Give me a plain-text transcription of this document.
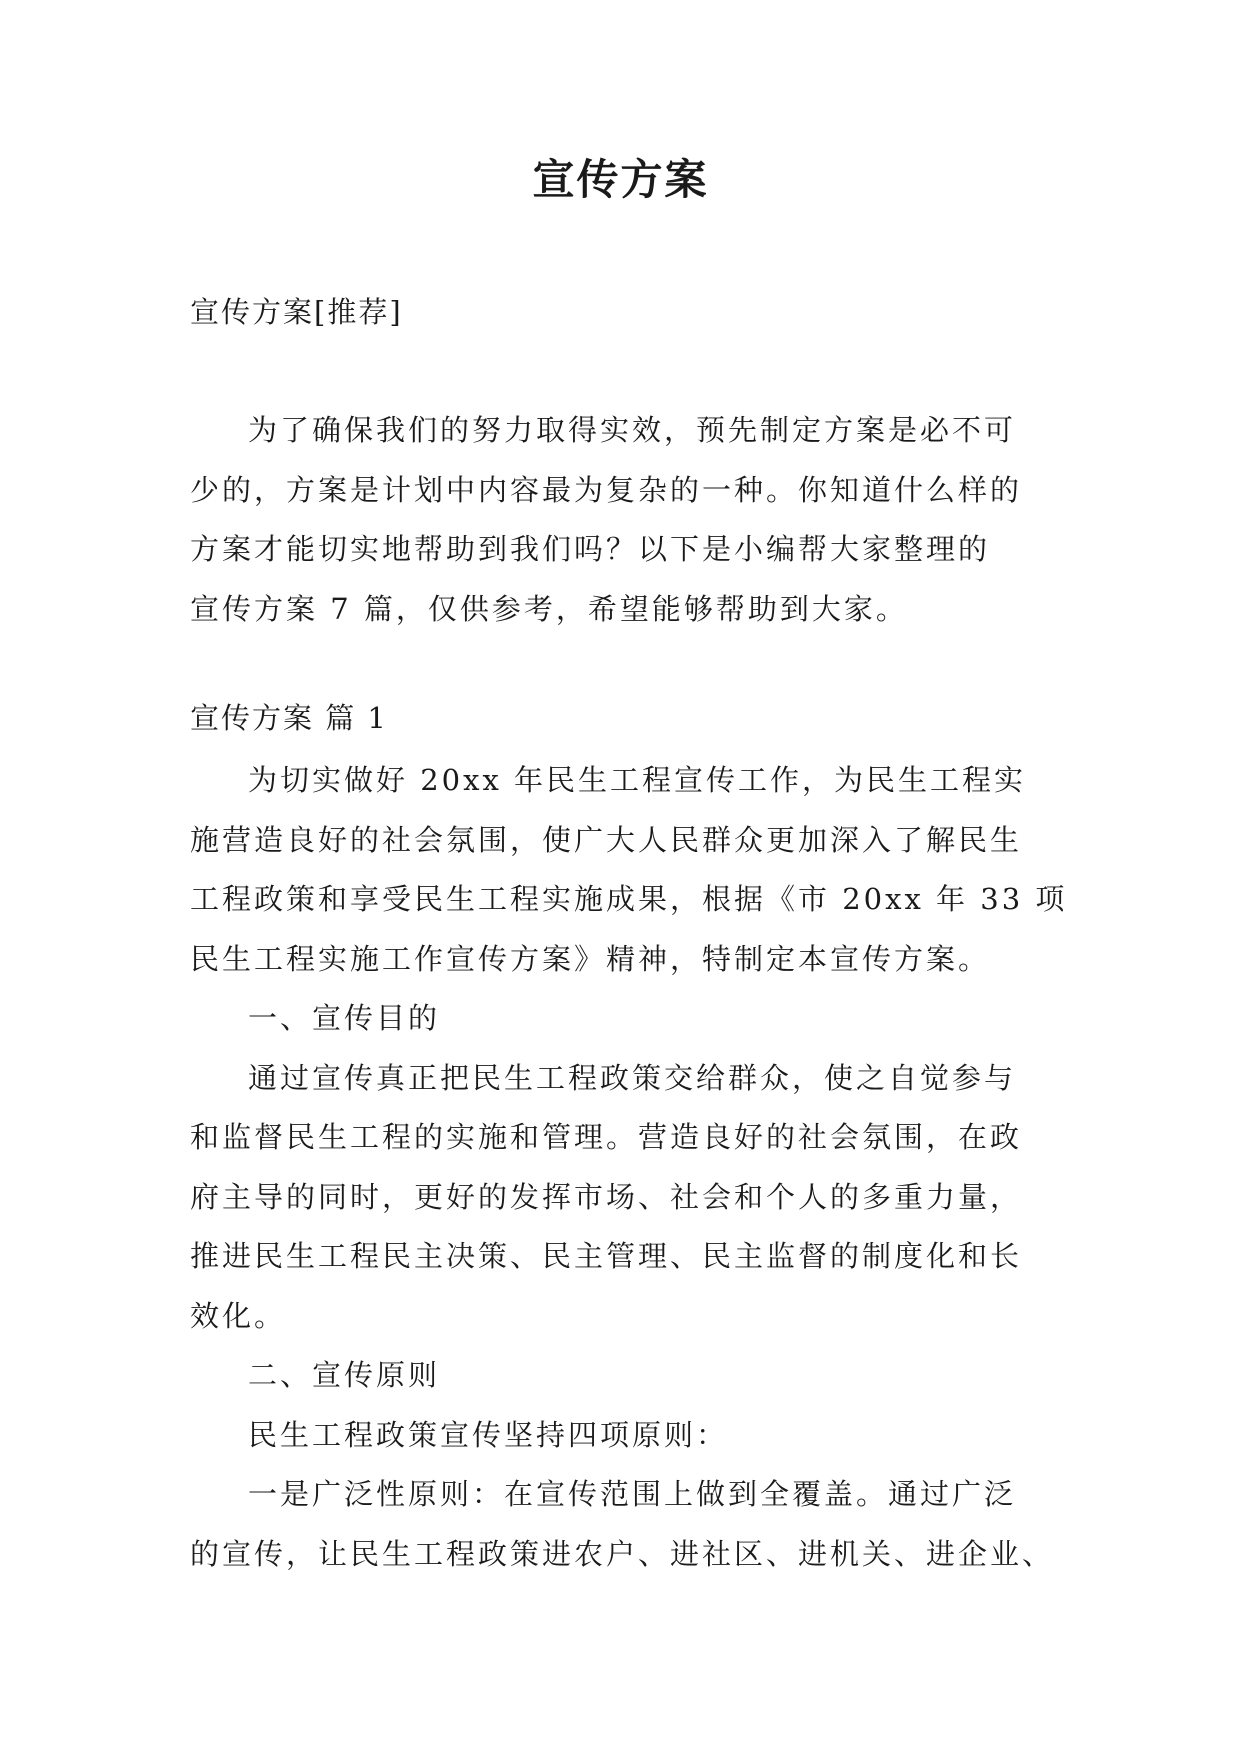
宣传方案
宣传方案[推荐]
为了确保我们的努力取得实效，预先制定方案是必不可
少的，方案是计划中内容最为复杂的一种。你知道什么样的
方案才能切实地帮助到我们吗？以下是小编帮大家整理的
宣传方案 7 篇，仅供参考，希望能够帮助到大家。
宣传方案 篇 1
为切实做好 20xx 年民生工程宣传工作，为民生工程实
施营造良好的社会氛围，使广大人民群众更加深入了解民生
工程政策和享受民生工程实施成果，根据《市 20xx 年 33 项
民生工程实施工作宣传方案》精神，特制定本宣传方案。
一、宣传目的
通过宣传真正把民生工程政策交给群众，使之自觉参与
和监督民生工程的实施和管理。营造良好的社会氛围，在政
府主导的同时，更好的发挥市场、社会和个人的多重力量，
推进民生工程民主决策、民主管理、民主监督的制度化和长
效化。
二、宣传原则
民生工程政策宣传坚持四项原则：
一是广泛性原则：在宣传范围上做到全覆盖。通过广泛
的宣传，让民生工程政策进农户、进社区、进机关、进企业、
